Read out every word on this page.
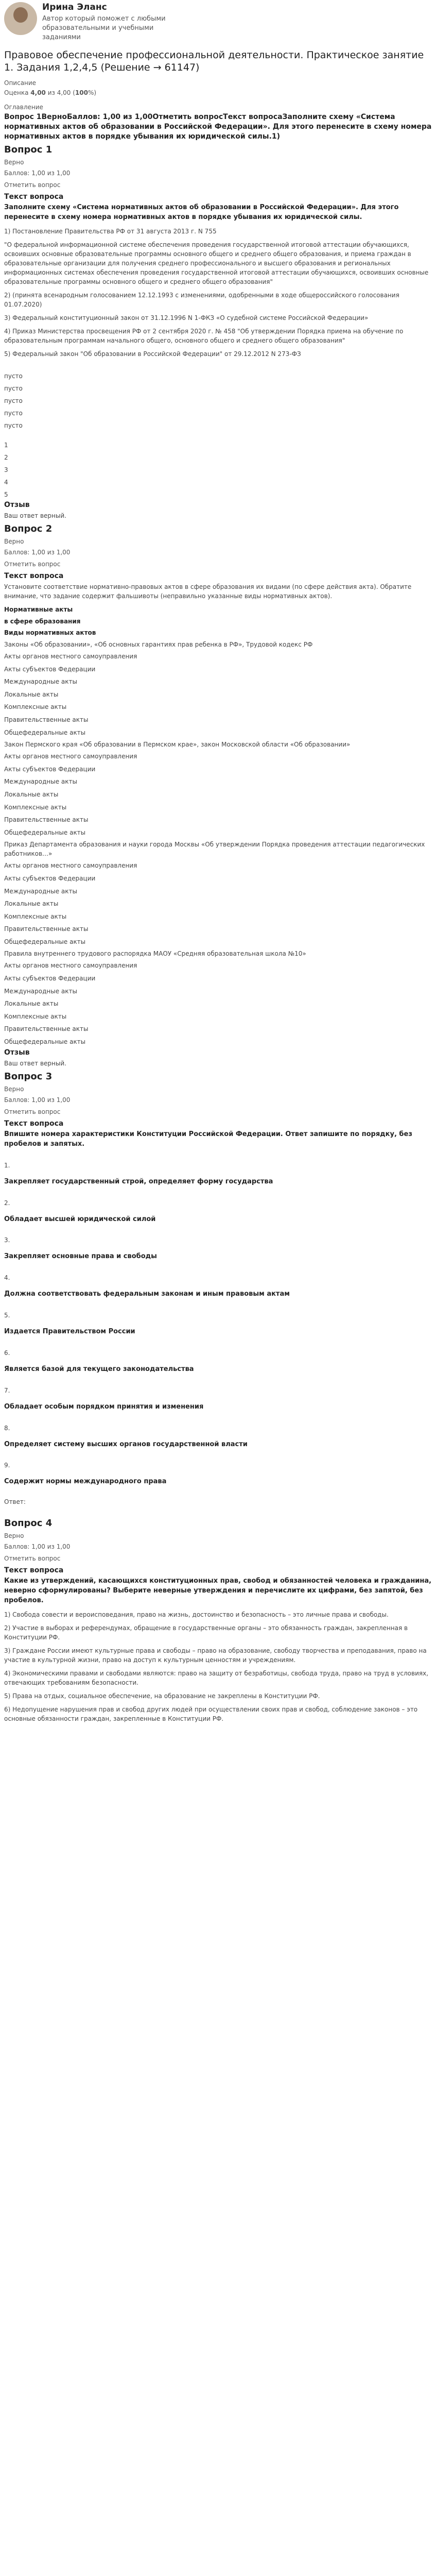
Ирина Эланс
Автор который поможет с любыми образовательными и учебными заданиями
Правовое обеспечение профессиональной деятельности. Практическое занятие 1. Задания 1,2,4,5 (Решение → 61147)
Описание
Оценка 4,00 из 4,00 (100%)
Оглавление
Вопрос 1ВерноБаллов: 1,00 из 1,00Отметить вопросТекст вопросаЗаполните схему «Система нормативных актов об образовании в Российской Федерации». Для этого перенесите в схему номера нормативных актов в порядке убывания их юридической силы.1)
Вопрос 1
Верно
Баллов: 1,00 из 1,00
Отметить вопрос
Текст вопроса
Заполните схему «Система нормативных актов об образовании в Российской Федерации». Для этого перенесите в схему номера нормативных актов в порядке убывания их юридической силы.
1) Постановление Правительства РФ от 31 августа 2013 г. N 755
"О федеральной информационной системе обеспечения проведения государственной итоговой аттестации обучающихся, освоивших основные образовательные программы основного общего и среднего общего образования, и приема граждан в образовательные организации для получения среднего профессионального и высшего образования и региональных информационных системах обеспечения проведения государственной итоговой аттестации обучающихся, освоивших основные образовательные программы основного общего и среднего общего образования"
2) (принята всенародным голосованием 12.12.1993 с изменениями, одобренными в ходе общероссийского голосования 01.07.2020)
3) Федеральный конституционный закон от 31.12.1996 N 1-ФКЗ «О судебной системе Российской Федерации»
4) Приказ Министерства просвещения РФ от 2 сентября 2020 г. № 458 "Об утверждении Порядка приема на обучение по образовательным программам начального общего, основного общего и среднего общего образования"
5) Федеральный закон "Об образовании в Российской Федерации" от 29.12.2012 N 273-ФЗ
пусто
пусто
пусто
пусто
пусто
1
2
3
4
5
Отзыв
Ваш ответ верный.
Вопрос 2
Верно
Баллов: 1,00 из 1,00
Отметить вопрос
Текст вопроса
Установите соответствие нормативно-правовых актов в сфере образования их видами (по сфере действия акта). Обратите внимание, что задание содержит фальшивоты (неправильно указанные виды нормативных актов).
Нормативные акты
в сфере образования
Виды нормативных актов
Законы «Об образовании», «Об основных гарантиях прав ребенка в РФ», Трудовой кодекс РФ
Акты органов местного самоуправления
Акты субъектов Федерации
Международные акты
Локальные акты
Комплексные акты
Правительственные акты
Общефедеральные акты
Закон Пермского края «Об образовании в Пермском крае», закон Московской области «Об образовании»
Акты органов местного самоуправления
Акты субъектов Федерации
Международные акты
Локальные акты
Комплексные акты
Правительственные акты
Общефедеральные акты
Приказ Департамента образования и науки города Москвы «Об утверждении Порядка проведения аттестации педагогических работников…»
Акты органов местного самоуправления
Акты субъектов Федерации
Международные акты
Локальные акты
Комплексные акты
Правительственные акты
Общефедеральные акты
Правила внутреннего трудового распорядка МАОУ «Средняя образовательная школа №10»
Акты органов местного самоуправления
Акты субъектов Федерации
Международные акты
Локальные акты
Комплексные акты
Правительственные акты
Общефедеральные акты
Отзыв
Ваш ответ верный.
Вопрос 3
Верно
Баллов: 1,00 из 1,00
Отметить вопрос
Текст вопроса
Впишите номера характеристики Конституции Российской Федерации. Ответ запишите по порядку, без пробелов и запятых.
1.
Закрепляет государственный строй, определяет форму государства
2.
Обладает высшей юридической силой
3.
Закрепляет основные права и свободы
4.
Должна соответствовать федеральным законам и иным правовым актам
5.
Издается Правительством России
6.
Является базой для текущего законодательства
7.
Обладает особым порядком принятия и изменения
8.
Определяет систему высших органов государственной власти
9.
Содержит нормы международного права
Ответ:
Вопрос 4
Верно
Баллов: 1,00 из 1,00
Отметить вопрос
Текст вопроса
Какие из утверждений, касающихся конституционных прав, свобод и обязанностей человека и гражданина, неверно сформулированы? Выберите неверные утверждения и перечислите их цифрами, без запятой, без пробелов.
1) Свобода совести и вероисповедания, право на жизнь, достоинство и безопасность – это личные права и свободы.
2) Участие в выборах и референдумах, обращение в государственные органы – это обязанность граждан, закрепленная в Конституции РФ.
3) Граждане России имеют культурные права и свободы – право на образование, свободу творчества и преподавания, право на участие в культурной жизни, право на доступ к культурным ценностям и учреждениям.
4) Экономическими правами и свободами являются: право на защиту от безработицы, свобода труда, право на труд в условиях, отвечающих требованиям безопасности.
5) Права на отдых, социальное обеспечение, на образование не закреплены в Конституции РФ.
6) Недопущение нарушения прав и свобод других людей при осуществлении своих прав и свобод, соблюдение законов – это основные обязанности граждан, закрепленные в Конституции РФ.
